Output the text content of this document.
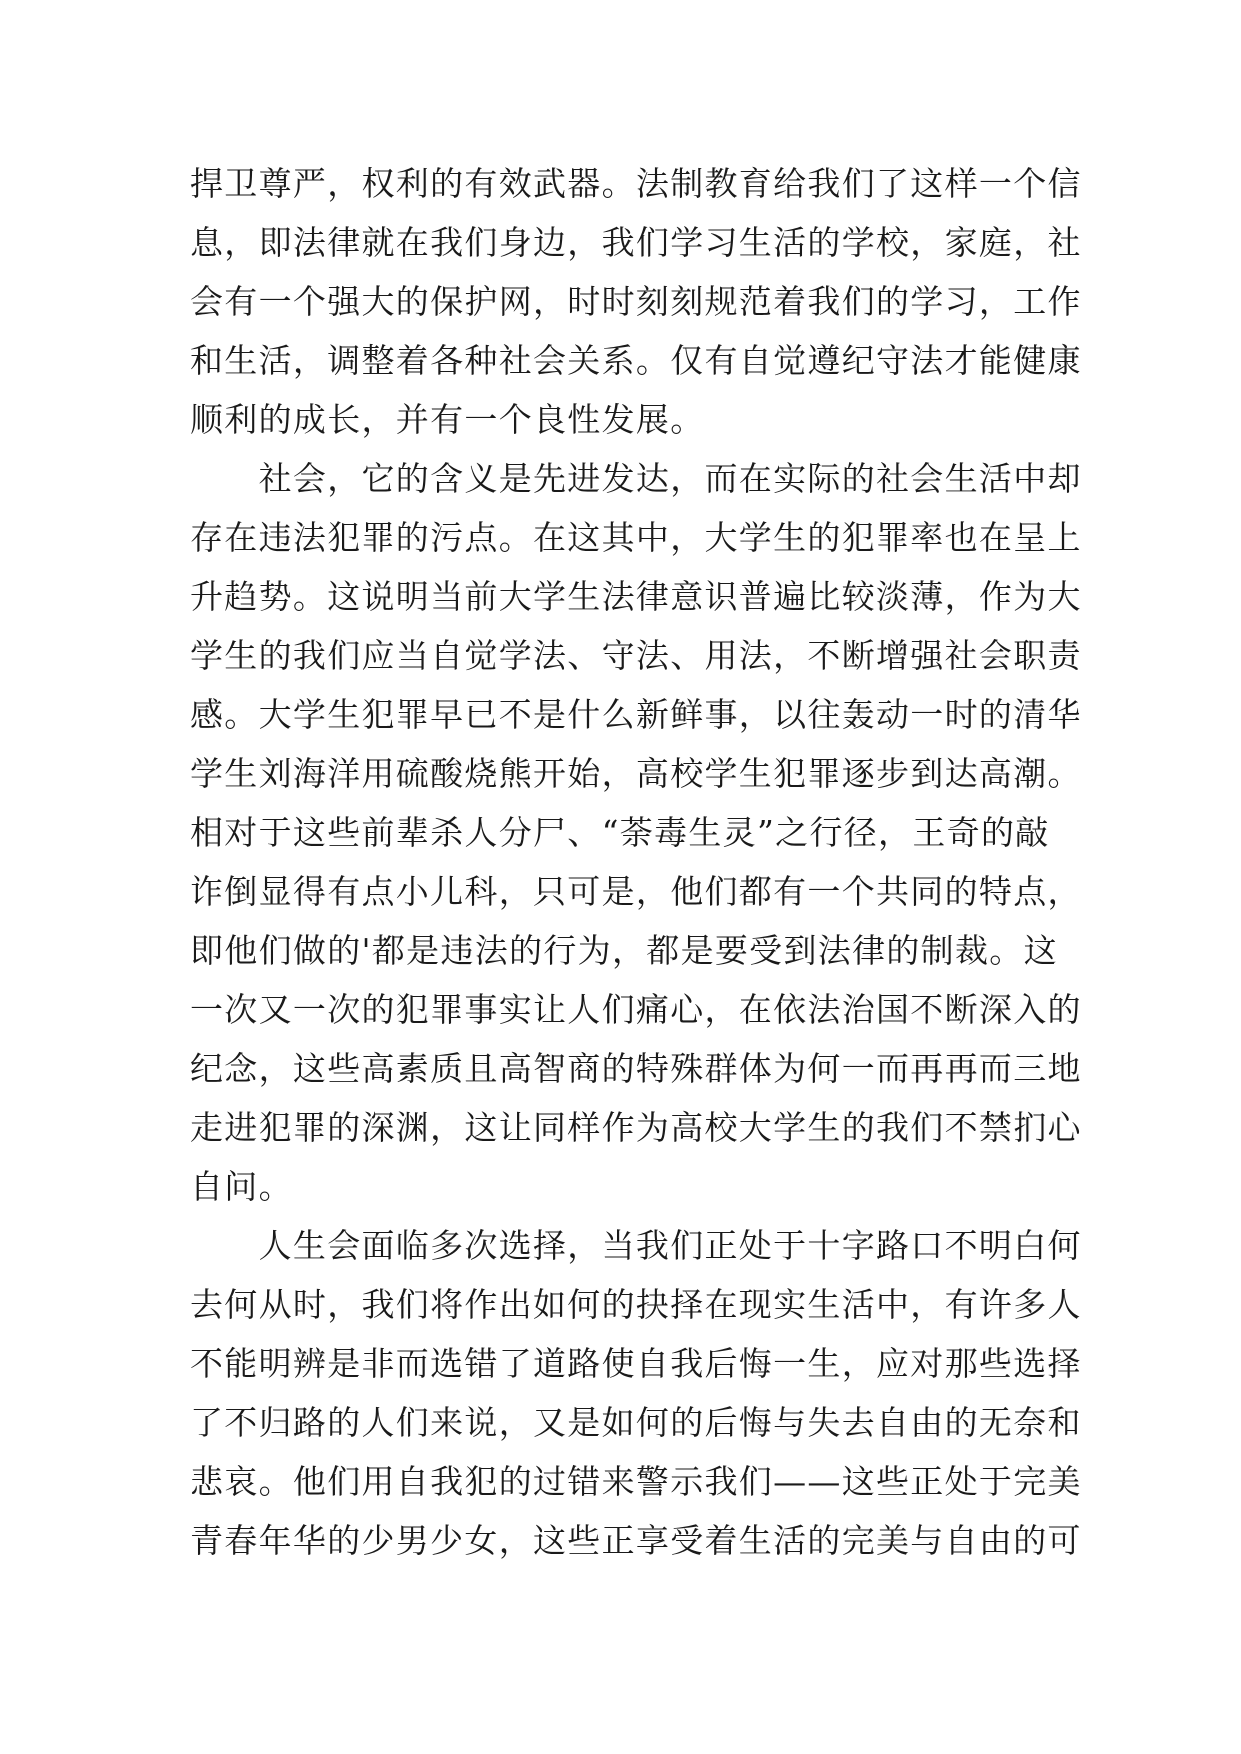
捍卫尊严，权利的有效武器。法制教育给我们了这样一个信
息，即法律就在我们身边，我们学习生活的学校，家庭，社
会有一个强大的保护网，时时刻刻规范着我们的学习，工作
和生活，调整着各种社会关系。仅有自觉遵纪守法才能健康
顺利的成长，并有一个良性发展。
　　社会，它的含义是先进发达，而在实际的社会生活中却
存在违法犯罪的污点。在这其中，大学生的犯罪率也在呈上
升趋势。这说明当前大学生法律意识普遍比较淡薄，作为大
学生的我们应当自觉学法、守法、用法，不断增强社会职责
感。大学生犯罪早已不是什么新鲜事，以往轰动一时的清华
学生刘海洋用硫酸烧熊开始，高校学生犯罪逐步到达高潮。
相对于这些前辈杀人分尸、“荼毒生灵”之行径，王奇的敲
诈倒显得有点小儿科，只可是，他们都有一个共同的特点，
即他们做的'都是违法的行为，都是要受到法律的制裁。这
一次又一次的犯罪事实让人们痛心，在依法治国不断深入的
纪念，这些高素质且高智商的特殊群体为何一而再再而三地
走进犯罪的深渊，这让同样作为高校大学生的我们不禁扪心
自问。
　　人生会面临多次选择，当我们正处于十字路口不明白何
去何从时，我们将作出如何的抉择在现实生活中，有许多人
不能明辨是非而选错了道路使自我后悔一生，应对那些选择
了不归路的人们来说，又是如何的后悔与失去自由的无奈和
悲哀。他们用自我犯的过错来警示我们——这些正处于完美
青春年华的少男少女，这些正享受着生活的完美与自由的可
